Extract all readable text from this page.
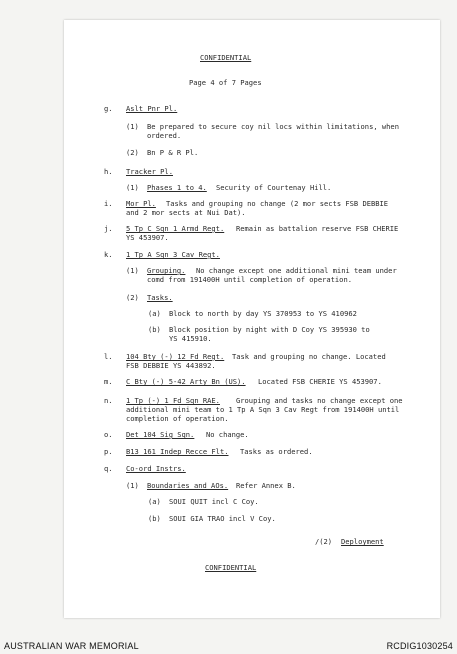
CONFIDENTIAL
Page 4 of 7 Pages
g. Aslt Pnr Pl.
(1) Be prepared to secure coy nil locs within limitations, when
ordered.
(2) Bn P & R Pl.
h. Tracker Pl.
(1) Phases 1 to 4. Security of Courtenay Hill.
i. Mor Pl. Tasks and grouping no change (2 mor sects FSB DEBBIE
and 2 mor sects at Nui Dat).
j. 5 Tp C Sqn 1 Armd Regt. Remain as battalion reserve FSB CHERIE
YS 453907.
k. 1 Tp A Sqn 3 Cav Regt.
(1) Grouping. No change except one additional mini team under
comd from 191400H until completion of operation.
(2) Tasks.
(a) Block to north by day YS 370953 to YS 410962
(b) Block position by night with D Coy YS 395930 to
YS 415910.
l. 104 Bty (-) 12 Fd Regt. Task and grouping no change. Located
FSB DEBBIE YS 443892.
m. C Bty (-) 5-42 Arty Bn (US). Located FSB CHERIE YS 453907.
n. 1 Tp (-) 1 Fd Sqn RAE. Grouping and tasks no change except one
additional mini team to 1 Tp A Sqn 3 Cav Regt from 191400H until
completion of operation.
o. Det 104 Sig Sqn. No change.
p. B13 161 Indep Recce Flt. Tasks as ordered.
q. Co-ord Instrs.
(1) Boundaries and AOs. Refer Annex B.
(a) SOUI QUIT incl C Coy.
(b) SOUI GIA TRAO incl V Coy.
/(2) Deployment
CONFIDENTIAL
AUSTRALIAN WAR MEMORIAL	RCDIG1030254
